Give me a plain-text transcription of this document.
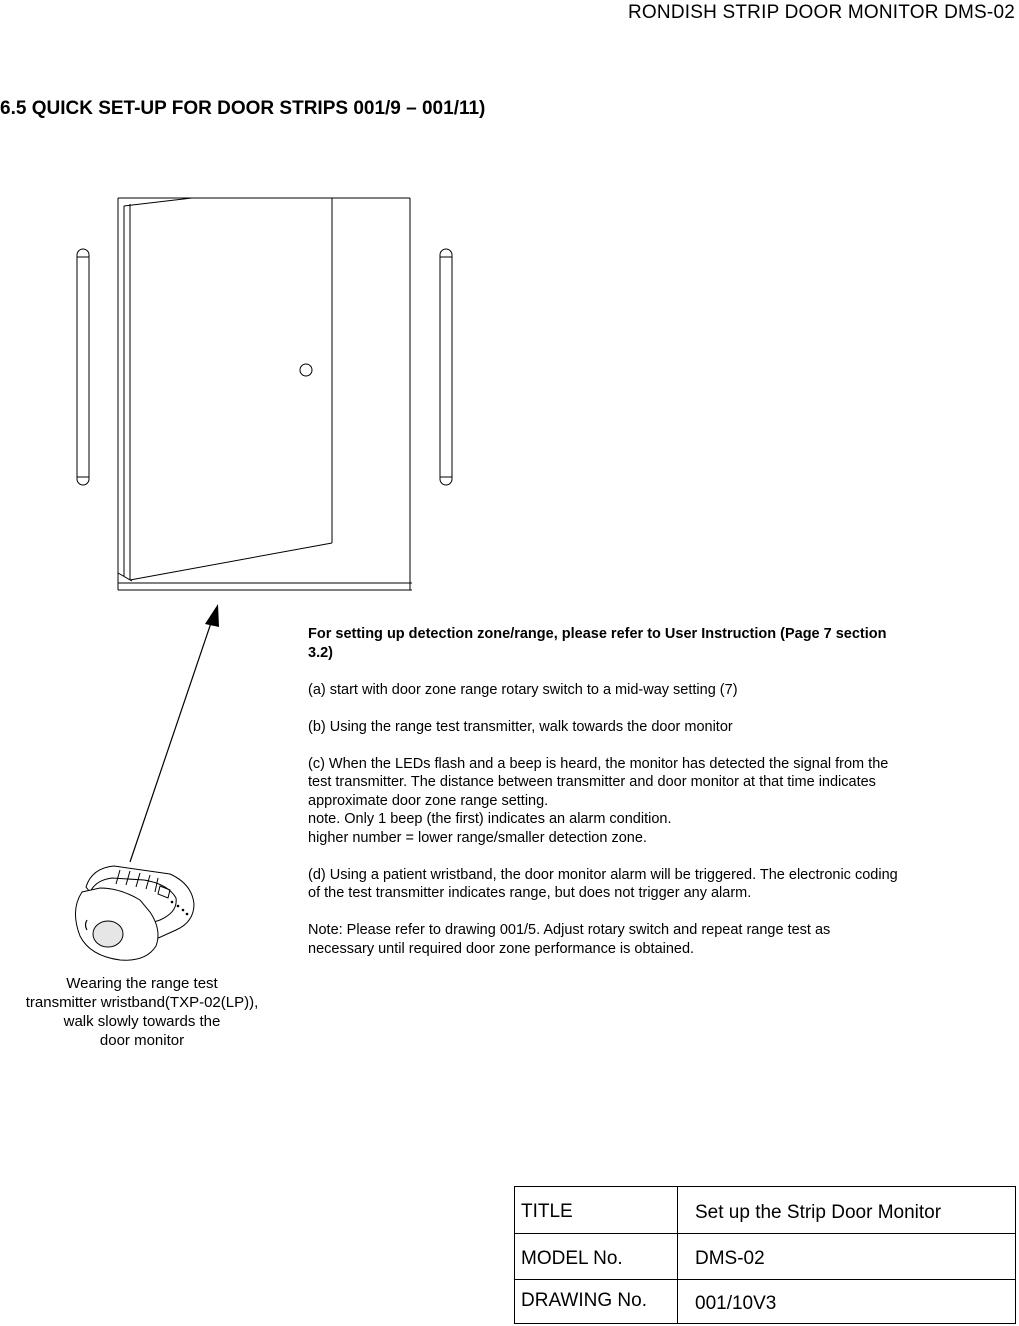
RONDISH STRIP DOOR MONITOR DMS-02
6.5 QUICK SET-UP FOR DOOR STRIPS 001/9 – 001/11)
Wearing the range test
transmitter wristband(TXP-02(LP)),
walk slowly towards the
door monitor

For setting up detection zone/range, please refer to User Instruction (Page 7 section 3.2)

(a) start with door zone range rotary switch to a mid-way setting (7)

(b) Using the range test transmitter, walk towards the door monitor

(c) When the LEDs flash and a beep is heard, the monitor has detected the signal from the test transmitter. The distance between transmitter and door monitor at that time indicates approximate door zone range setting.
note. Only 1 beep (the first) indicates an alarm condition.
higher number = lower range/smaller detection zone.

(d) Using a patient wristband, the door monitor alarm will be triggered. The electronic coding of the test transmitter indicates range, but does not trigger any alarm.

Note: Please refer to drawing 001/5. Adjust rotary switch and repeat range test as necessary until required door zone performance is obtained.

TITLE	Set up the Strip Door Monitor
MODEL No.	DMS-02
DRAWING No.	001/10V3
